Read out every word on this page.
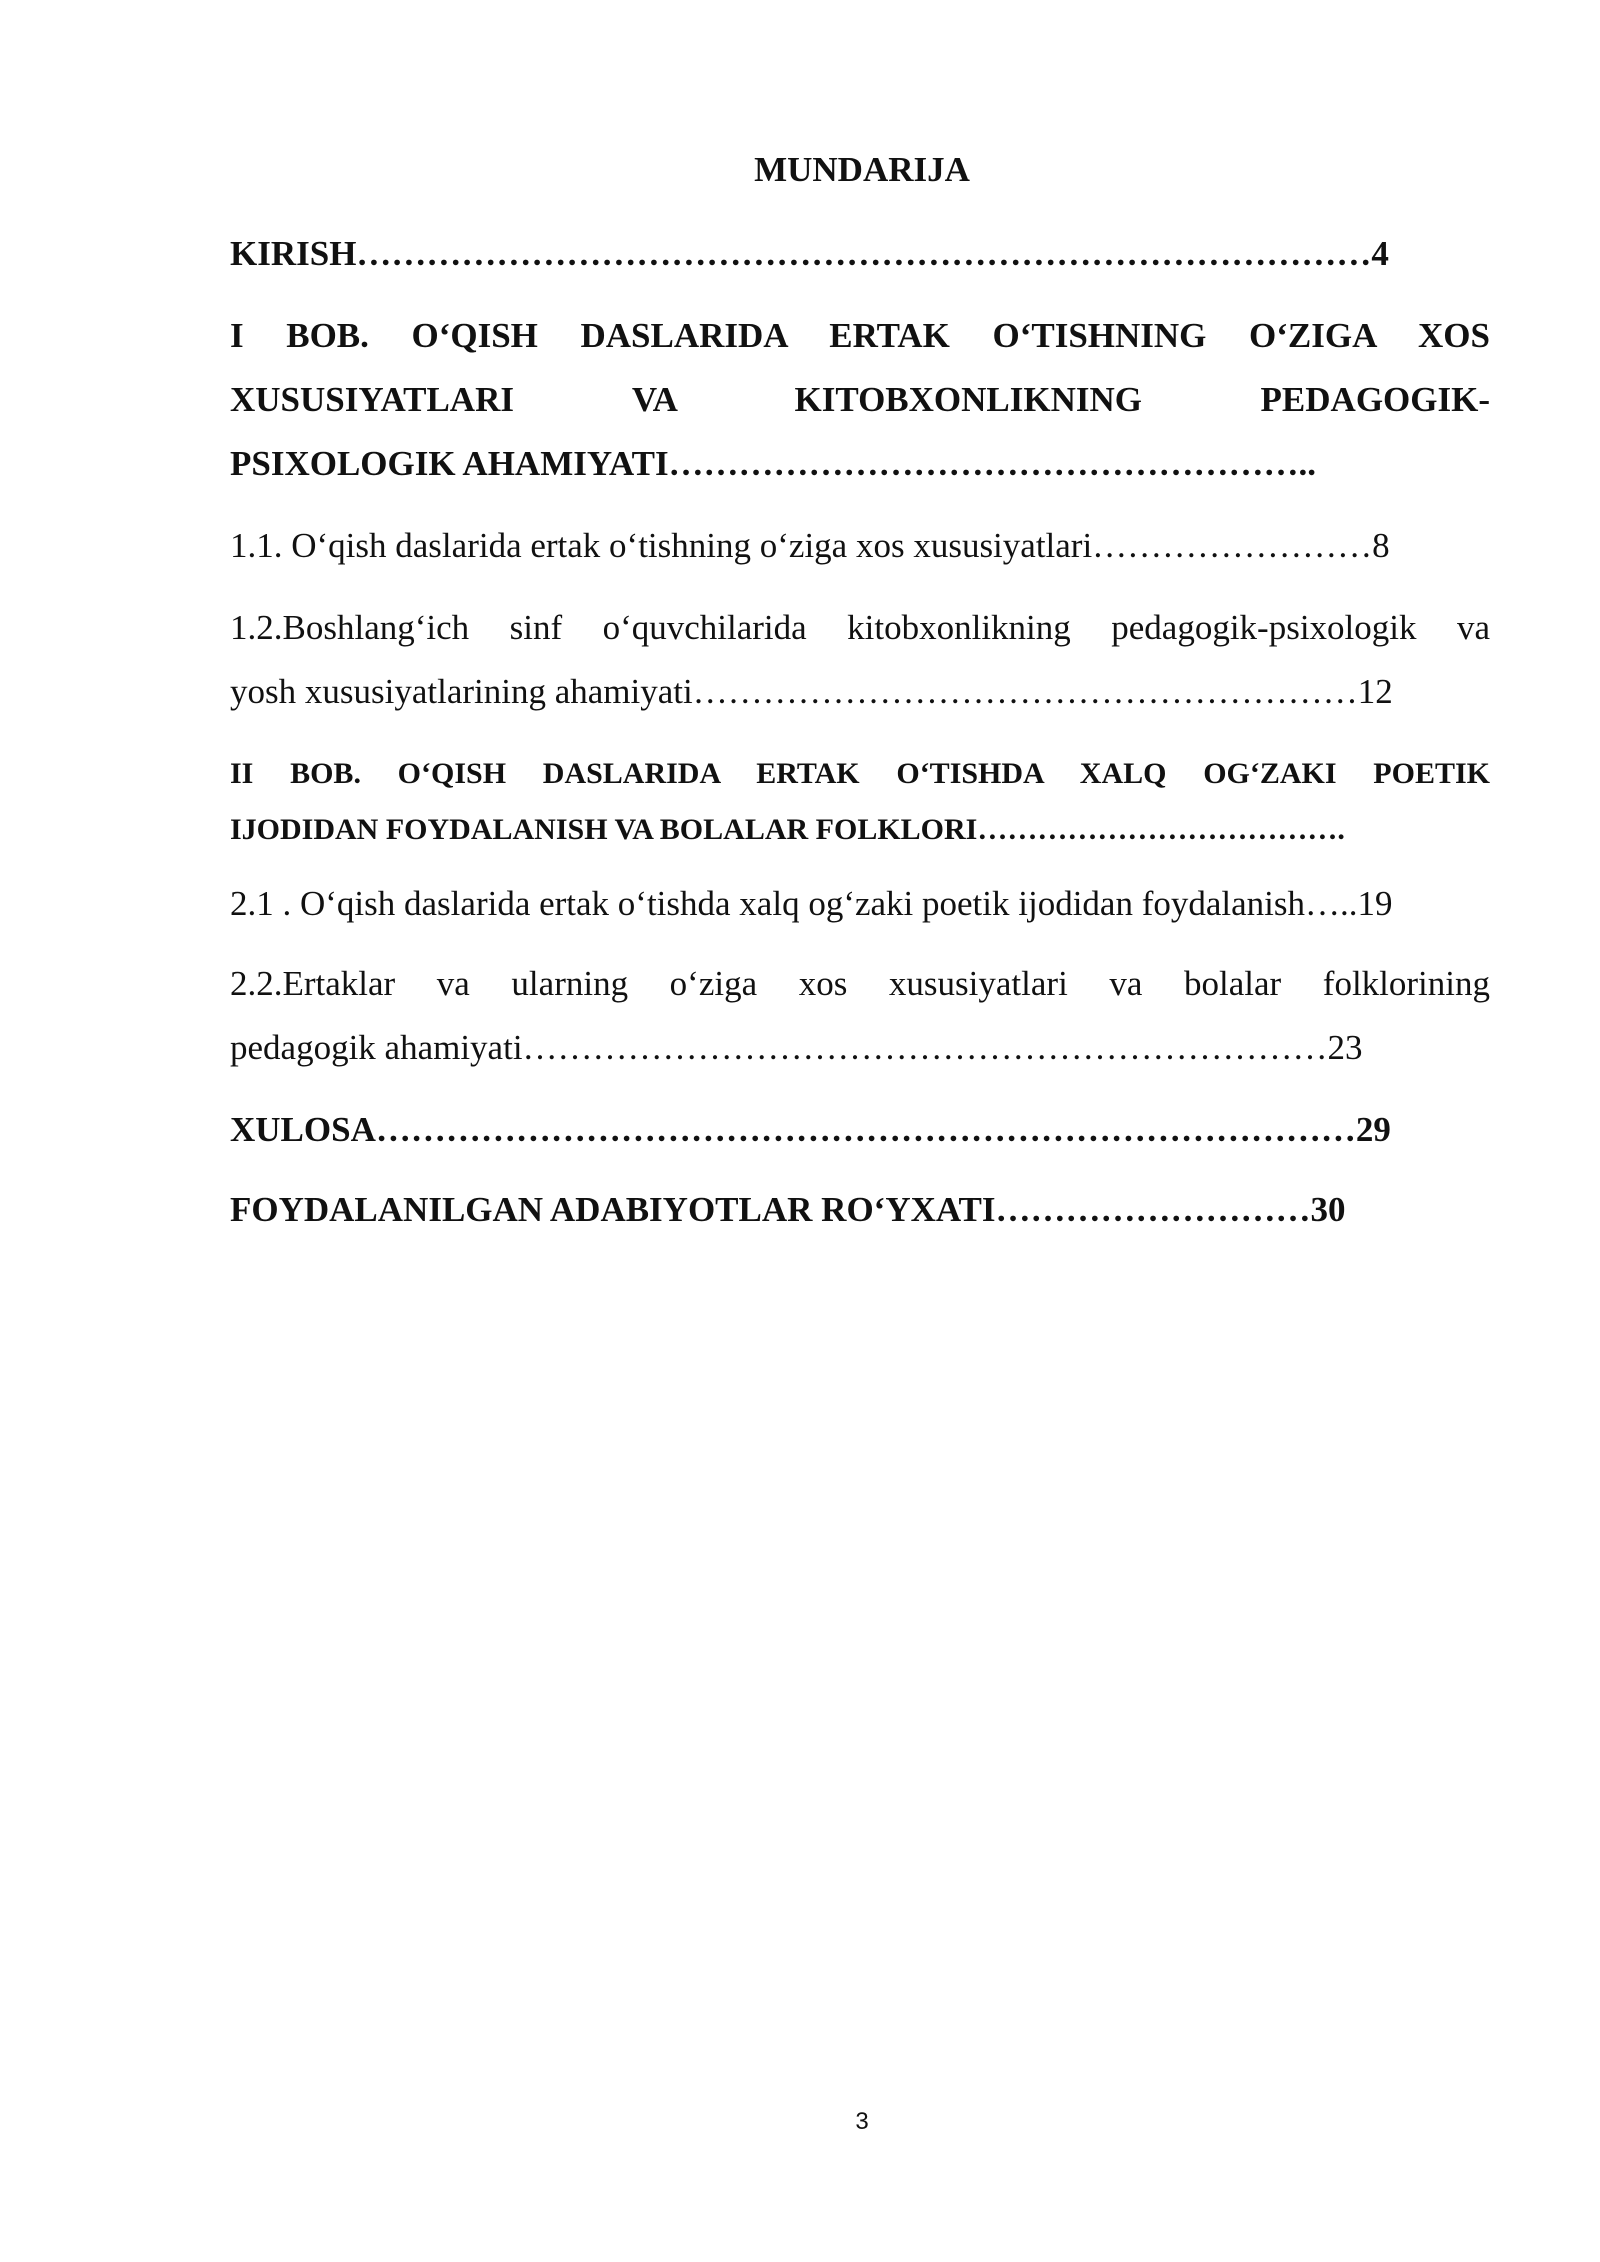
MUNDARIJA
KIRISH……………………………………………………………………………4
I BOB. O‘QISH DASLARIDA ERTAK O‘TISHNING O‘ZIGA XOS
XUSUSIYATLARI VA KITOBXONLIKNING PEDAGOGIK-
PSIXOLOGIK AHAMIYATI………………………………………………..
1.1. O‘qish daslarida ertak o‘tishning o‘ziga xos xususiyatlari……………………8
1.2.Boshlang‘ich sinf o‘quvchilarida kitobxonlikning pedagogik-psixologik va
yosh xususiyatlarining ahamiyati…………………………………………………12
II BOB. O‘QISH DASLARIDA ERTAK O‘TISHDA XALQ OG‘ZAKI POETIK
IJODIDAN FOYDALANISH VA BOLALAR FOLKLORI……………………………….
2.1 . O‘qish daslarida ertak o‘tishda xalq og‘zaki poetik ijodidan foydalanish…..19
2.2.Ertaklar va ularning o‘ziga xos xususiyatlari va bolalar folklorining
pedagogik ahamiyati……………………………………………………………23
XULOSA…………………………………………………………………………29
FOYDALANILGAN ADABIYOTLAR RO‘YXATI………………………30
3
